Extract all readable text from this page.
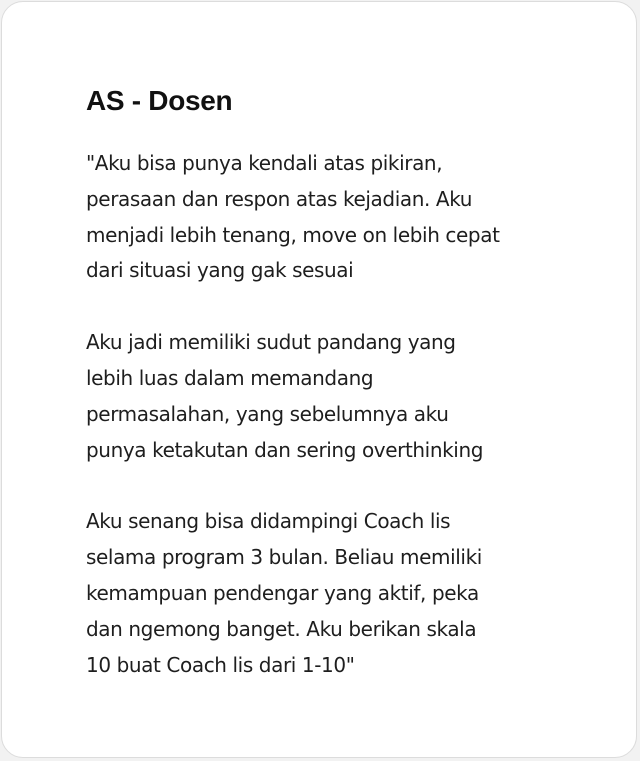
AS - Dosen

"Aku bisa punya kendali atas pikiran,
perasaan dan respon atas kejadian. Aku
menjadi lebih tenang, move on lebih cepat
dari situasi yang gak sesuai

Aku jadi memiliki sudut pandang yang
lebih luas dalam memandang
permasalahan, yang sebelumnya aku
punya ketakutan dan sering overthinking

Aku senang bisa didampingi Coach lis
selama program 3 bulan. Beliau memiliki
kemampuan pendengar yang aktif, peka
dan ngemong banget. Aku berikan skala
10 buat Coach lis dari 1-10"
